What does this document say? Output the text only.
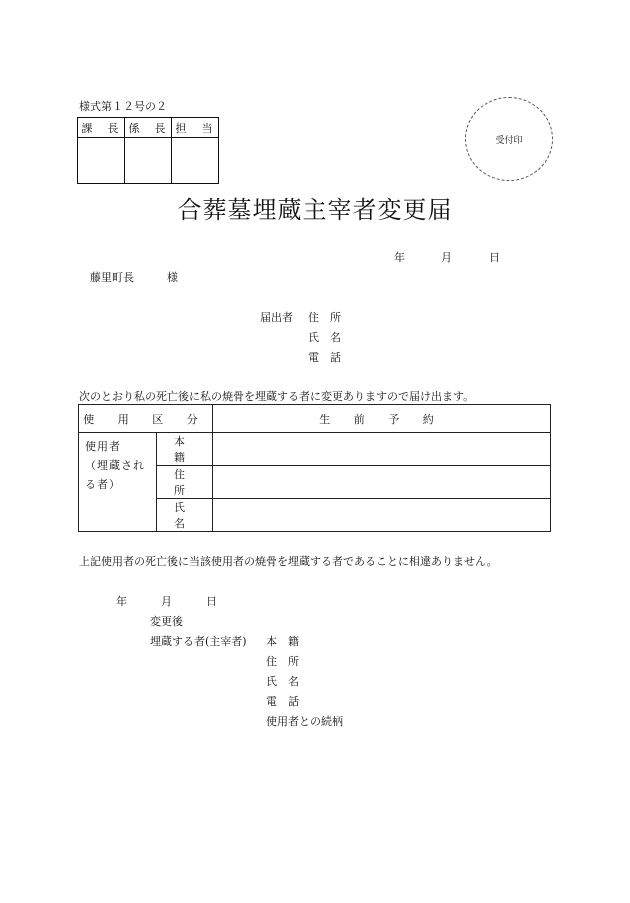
様式第１２号の２
課　長	係　長	担　当

受付印
合葬墓埋蔵主宰者変更届
年	月	日
藤里町長　　　様
届出者 住　所
氏　名
電　話
次のとおり私の死亡後に私の焼骨を埋蔵する者に変更ありますので届け出ます。
使 用 区 分		生 前 予 約

使用者
（埋蔵され
る者）	本　籍	
	住　所	
	氏　名	
上記使用者の死亡後に当該使用者の焼骨を埋蔵する者であることに相違ありません。
年	月	日
変更後
埋蔵する者(主宰者) 本　籍
住　所
氏　名
電　話
使用者との続柄
